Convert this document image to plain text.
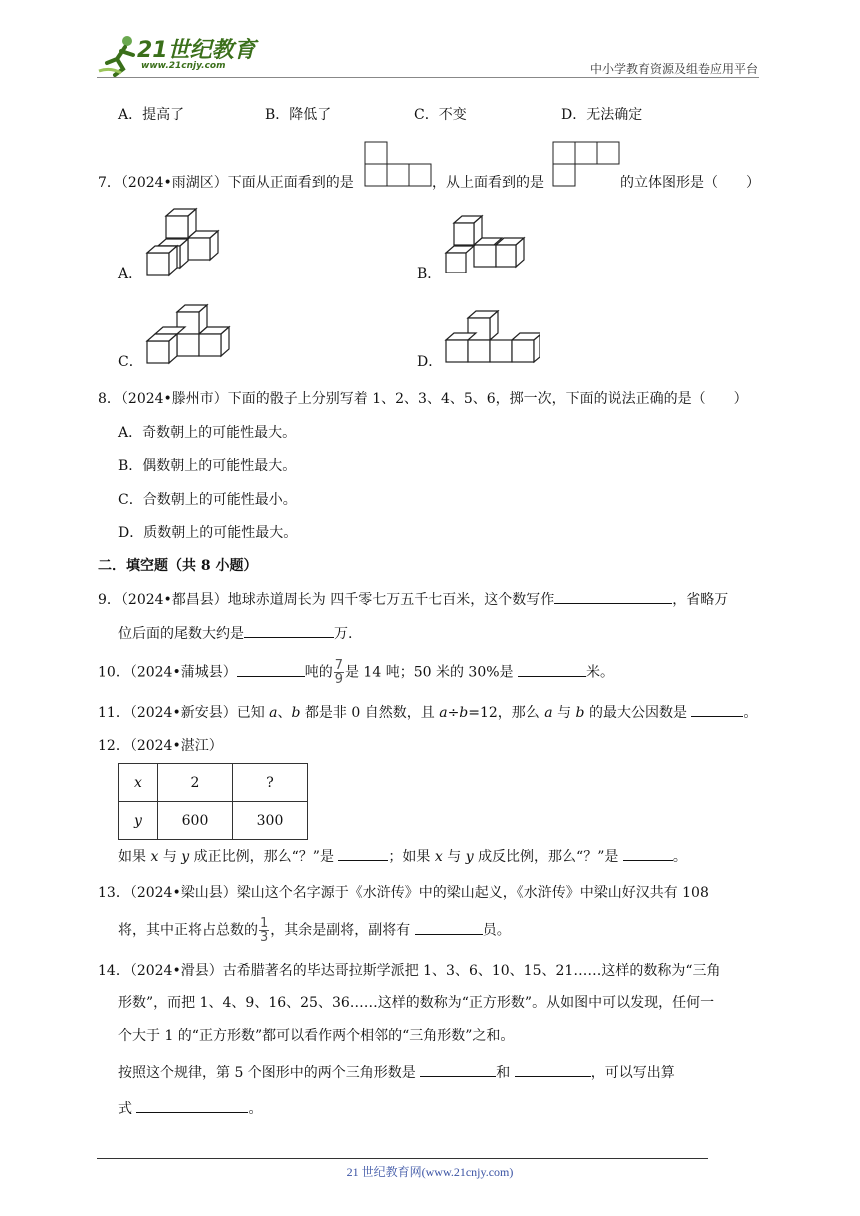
21世纪教育
www.21cnjy.com	中小学教育资源及组卷应用平台
A．提高了	B．降低了	C．不变	D．无法确定
7．（2024•雨湖区）下面从正面看到的是	，从上面看到的是	的立体图形是（　　）
A．	B．
C．	D．
8．（2024•滕州市）下面的骰子上分别写着 1、2、3、4、5、6，掷一次，下面的说法正确的是（　　）
A．奇数朝上的可能性最大。
B．偶数朝上的可能性最大。
C．合数朝上的可能性最小。
D．质数朝上的可能性最大。
二．填空题（共 8 小题）
9．（2024•都昌县）地球赤道周长为 四千零七万五千七百米，这个数写作	，省略万
位后面的尾数大约是	万.
10．（2024•蒲城县）	吨的 $\frac{7}{9}$ 是 14 吨；50 米的 30%是	米。
11．（2024•新安县）已知 a、b 都是非 0 自然数，且 a÷b=12，那么 a 与 b 的最大公因数是	。
12．（2024•湛江）
x	2	?
y	600	300
如果 x 与 y 成正比例，那么“？”是	；如果 x 与 y 成反比例，那么“？”是	。
13．（2024•梁山县）梁山这个名字源于《水浒传》中的梁山起义，《水浒传》中梁山好汉共有 108
将，其中正将占总数的 $\frac{1}{3}$ ，其余是副将，副将有	员。
14．（2024•滑县）古希腊著名的毕达哥拉斯学派把 1、3、6、10、15、21……这样的数称为“三角
形数”，而把 1、4、9、16、25、36……这样的数称为“正方形数”。从如图中可以发现，任何一
个大于 1 的“正方形数”都可以看作两个相邻的“三角形数”之和。
按照这个规律，第 5 个图形中的两个三角形数是	和	，可以写出算
式	。
21 世纪教育网(www.21cnjy.com)
